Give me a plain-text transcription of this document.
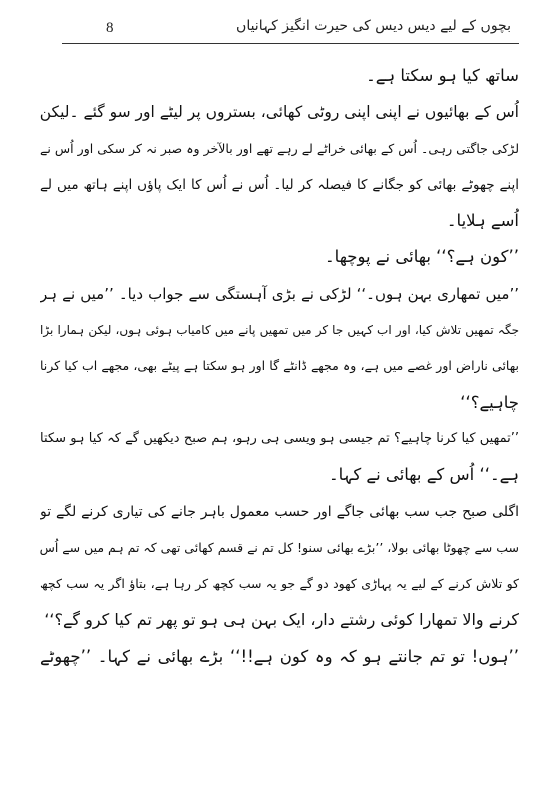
8	بچوں کے لیے دیس دیس کی حیرت انگیز کہانیاں
ساتھ کیا ہو سکتا ہے۔
اُس کے بھائیوں نے اپنی اپنی روٹی کھائی، بستروں پر لیٹے اور سو گئے ۔لیکن
لڑکی جاگتی رہی۔ اُس کے بھائی خراٹے لے رہے تھے اور بالآخر وہ صبر نہ کر سکی اور اُس نے
اپنے چھوٹے بھائی کو جگانے کا فیصلہ کر لیا۔ اُس نے اُس کا ایک پاؤں اپنے ہاتھ میں لے
اُسے ہلایا۔
’’کون ہے؟‘‘ بھائی نے پوچھا۔
’’میں تمھاری بہن ہوں۔‘‘ لڑکی نے بڑی آہستگی سے جواب دیا۔ ’’میں نے ہر
جگہ تمھیں تلاش کیا، اور اب کہیں جا کر میں تمھیں پانے میں کامیاب ہوئی ہوں، لیکن ہمارا بڑا
بھائی ناراض اور غصے میں ہے، وہ مجھے ڈانٹے گا اور ہو سکتا ہے پیٹے بھی، مجھے اب کیا کرنا
چاہیے؟‘‘
’’تمھیں کیا کرنا چاہیے؟ تم جیسی ہو ویسی ہی رہو، ہم صبح دیکھیں گے کہ کیا ہو سکتا
ہے۔‘‘ اُس کے بھائی نے کہا۔
اگلی صبح جب سب بھائی جاگے اور حسب معمول باہر جانے کی تیاری کرنے لگے تو
سب سے چھوٹا بھائی بولا، ’’بڑے بھائی سنو! کل تم نے قسم کھائی تھی کہ تم ہم میں سے اُس
کو تلاش کرنے کے لیے یہ پہاڑی کھود دو گے جو یہ سب کچھ کر رہا ہے، بتاؤ اگر یہ سب کچھ
کرنے والا تمھارا کوئی رشتے دار، ایک بہن ہی ہو تو پھر تم کیا کرو گے؟‘‘
’’ہوں! تو تم جانتے ہو کہ وہ کون ہے!!‘‘ بڑے بھائی نے کہا۔ ’’چھوٹے
